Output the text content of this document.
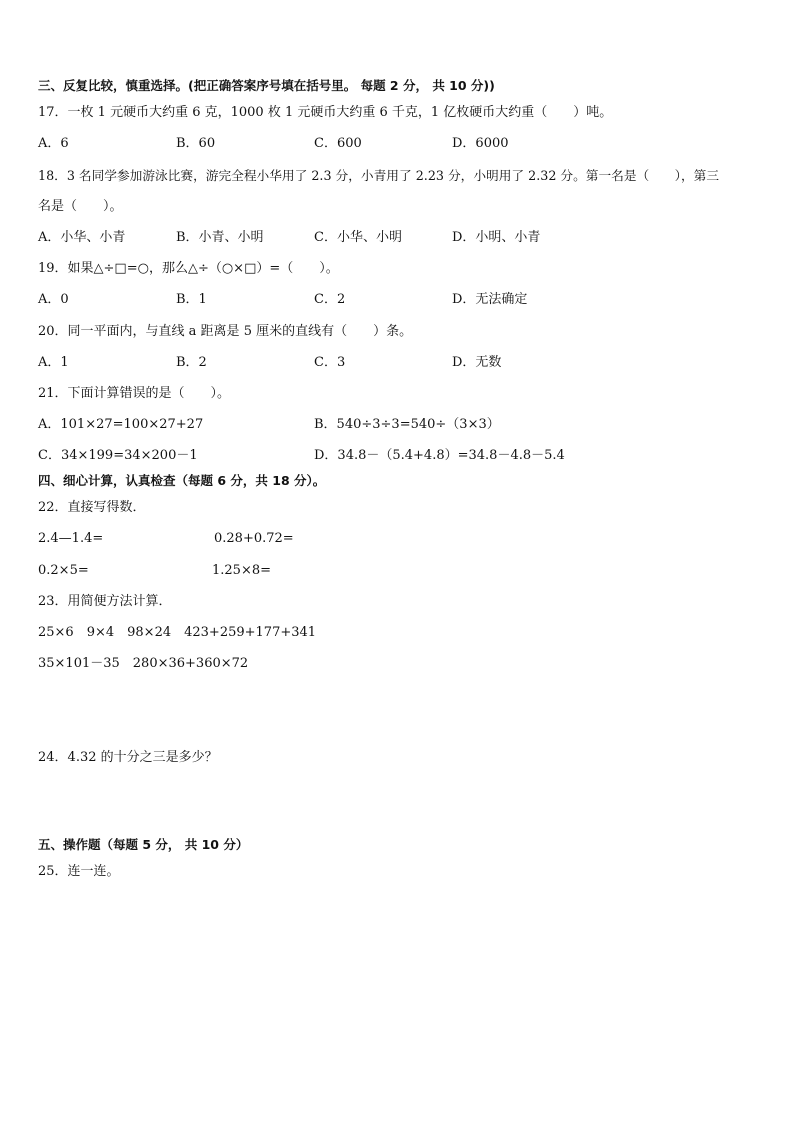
三、反复比较，慎重选择。(把正确答案序号填在括号里。 每题 2 分， 共 10 分))
17．一枚 1 元硬币大约重 6 克，1000 枚 1 元硬币大约重 6 千克，1 亿枚硬币大约重（　　）吨。
A．6	B．60	C．600	D．6000
18．3 名同学参加游泳比赛，游完全程小华用了 2.3 分，小青用了 2.23 分，小明用了 2.32 分。第一名是（　　），第三
名是（　　）。
A．小华、小青	B．小青、小明	C．小华、小明	D．小明、小青
19．如果△÷□=○，那么△÷（○×□）=（　　）。
A．0	B．1	C．2	D．无法确定
20．同一平面内，与直线 a 距离是 5 厘米的直线有（　　）条。
A．1	B．2	C．3	D．无数
21．下面计算错误的是（　　）。
A．101×27=100×27+27	B．540÷3÷3=540÷（3×3）
C．34×199=34×200－1	D．34.8－（5.4+4.8）=34.8－4.8－5.4
四、细心计算，认真检查（每题 6 分，共 18 分）。
22．直接写得数．
2.4—1.4=	0.28+0.72=
0.2×5=	1.25×8=
23．用简便方法计算．
25×6　9×4　98×24　423+259+177+341
35×101－35　280×36+360×72
24．4.32 的十分之三是多少？
五、操作题（每题 5 分， 共 10 分）
25．连一连。
